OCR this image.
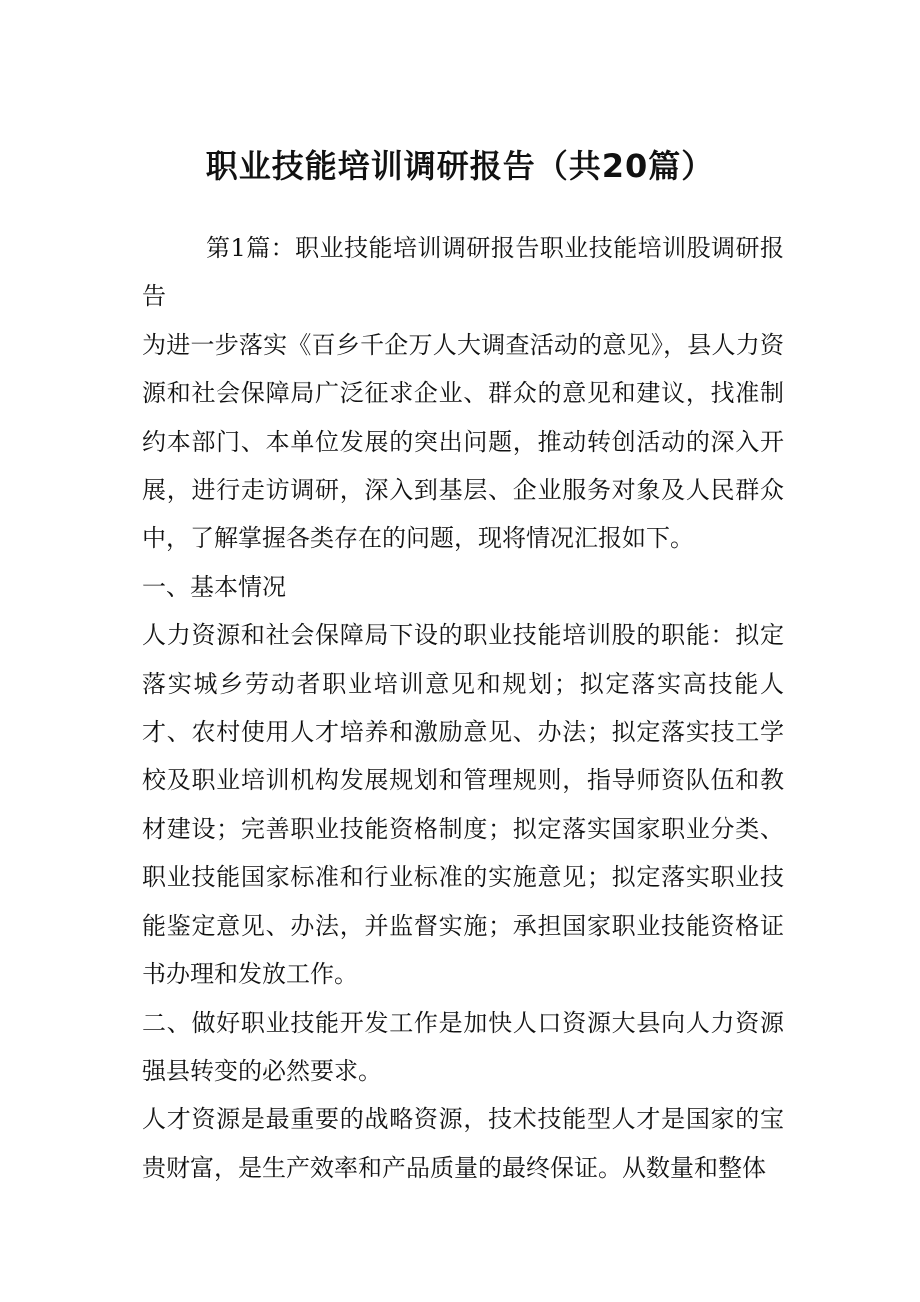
职业技能培训调研报告（共20篇）

第1篇：职业技能培训调研报告职业技能培训股调研报告

为进一步落实《百乡千企万人大调查活动的意见》，县人力资源和社会保障局广泛征求企业、群众的意见和建议，找准制约本部门、本单位发展的突出问题，推动转创活动的深入开展，进行走访调研，深入到基层、企业服务对象及人民群众中，了解掌握各类存在的问题，现将情况汇报如下。

一、基本情况

人力资源和社会保障局下设的职业技能培训股的职能：拟定落实城乡劳动者职业培训意见和规划；拟定落实高技能人才、农村使用人才培养和激励意见、办法；拟定落实技工学校及职业培训机构发展规划和管理规则，指导师资队伍和教材建设；完善职业技能资格制度；拟定落实国家职业分类、职业技能国家标准和行业标准的实施意见；拟定落实职业技能鉴定意见、办法，并监督实施；承担国家职业技能资格证书办理和发放工作。

二、做好职业技能开发工作是加快人口资源大县向人力资源强县转变的必然要求。

人才资源是最重要的战略资源，技术技能型人才是国家的宝贵财富，是生产效率和产品质量的最终保证。从数量和整体
